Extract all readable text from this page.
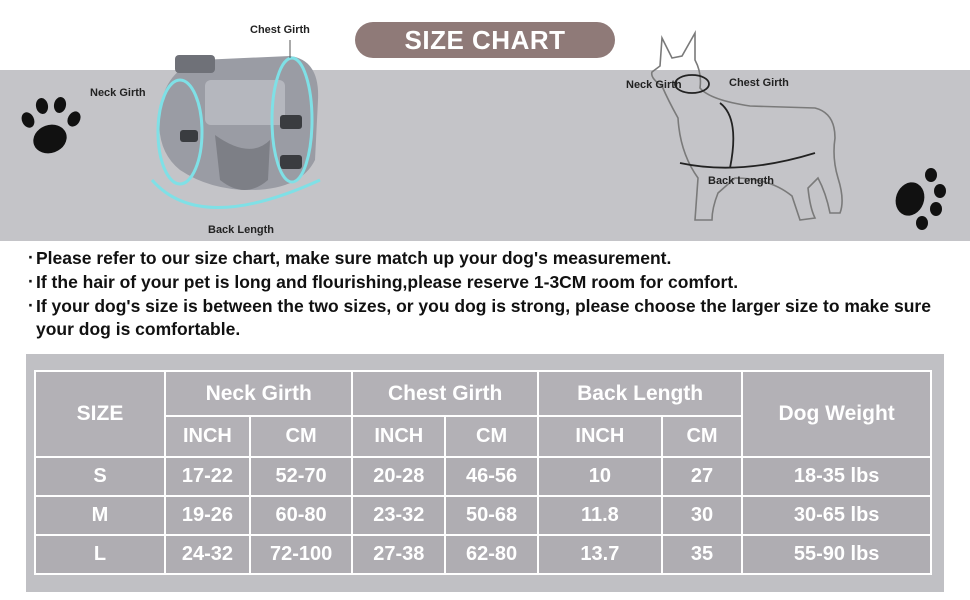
SIZE CHART
Chest Girth
Neck Girth
Back Length
Neck Girth	Chest Girth
Back Length
· Please refer to our size chart, make sure match up your dog's measurement.
· If the hair of your pet is long and flourishing,please reserve 1-3CM room for comfort.
· If your dog's size is between the two sizes, or you dog is strong, please choose the larger size to make sure your dog is comfortable.
SIZE	Neck Girth		Chest Girth		Back Length		Dog Weight
	INCH	CM	INCH	CM	INCH	CM	
S	17-22	52-70	20-28	46-56	10	27	18-35 lbs
M	19-26	60-80	23-32	50-68	11.8	30	30-65 lbs
L	24-32	72-100	27-38	62-80	13.7	35	55-90 lbs
